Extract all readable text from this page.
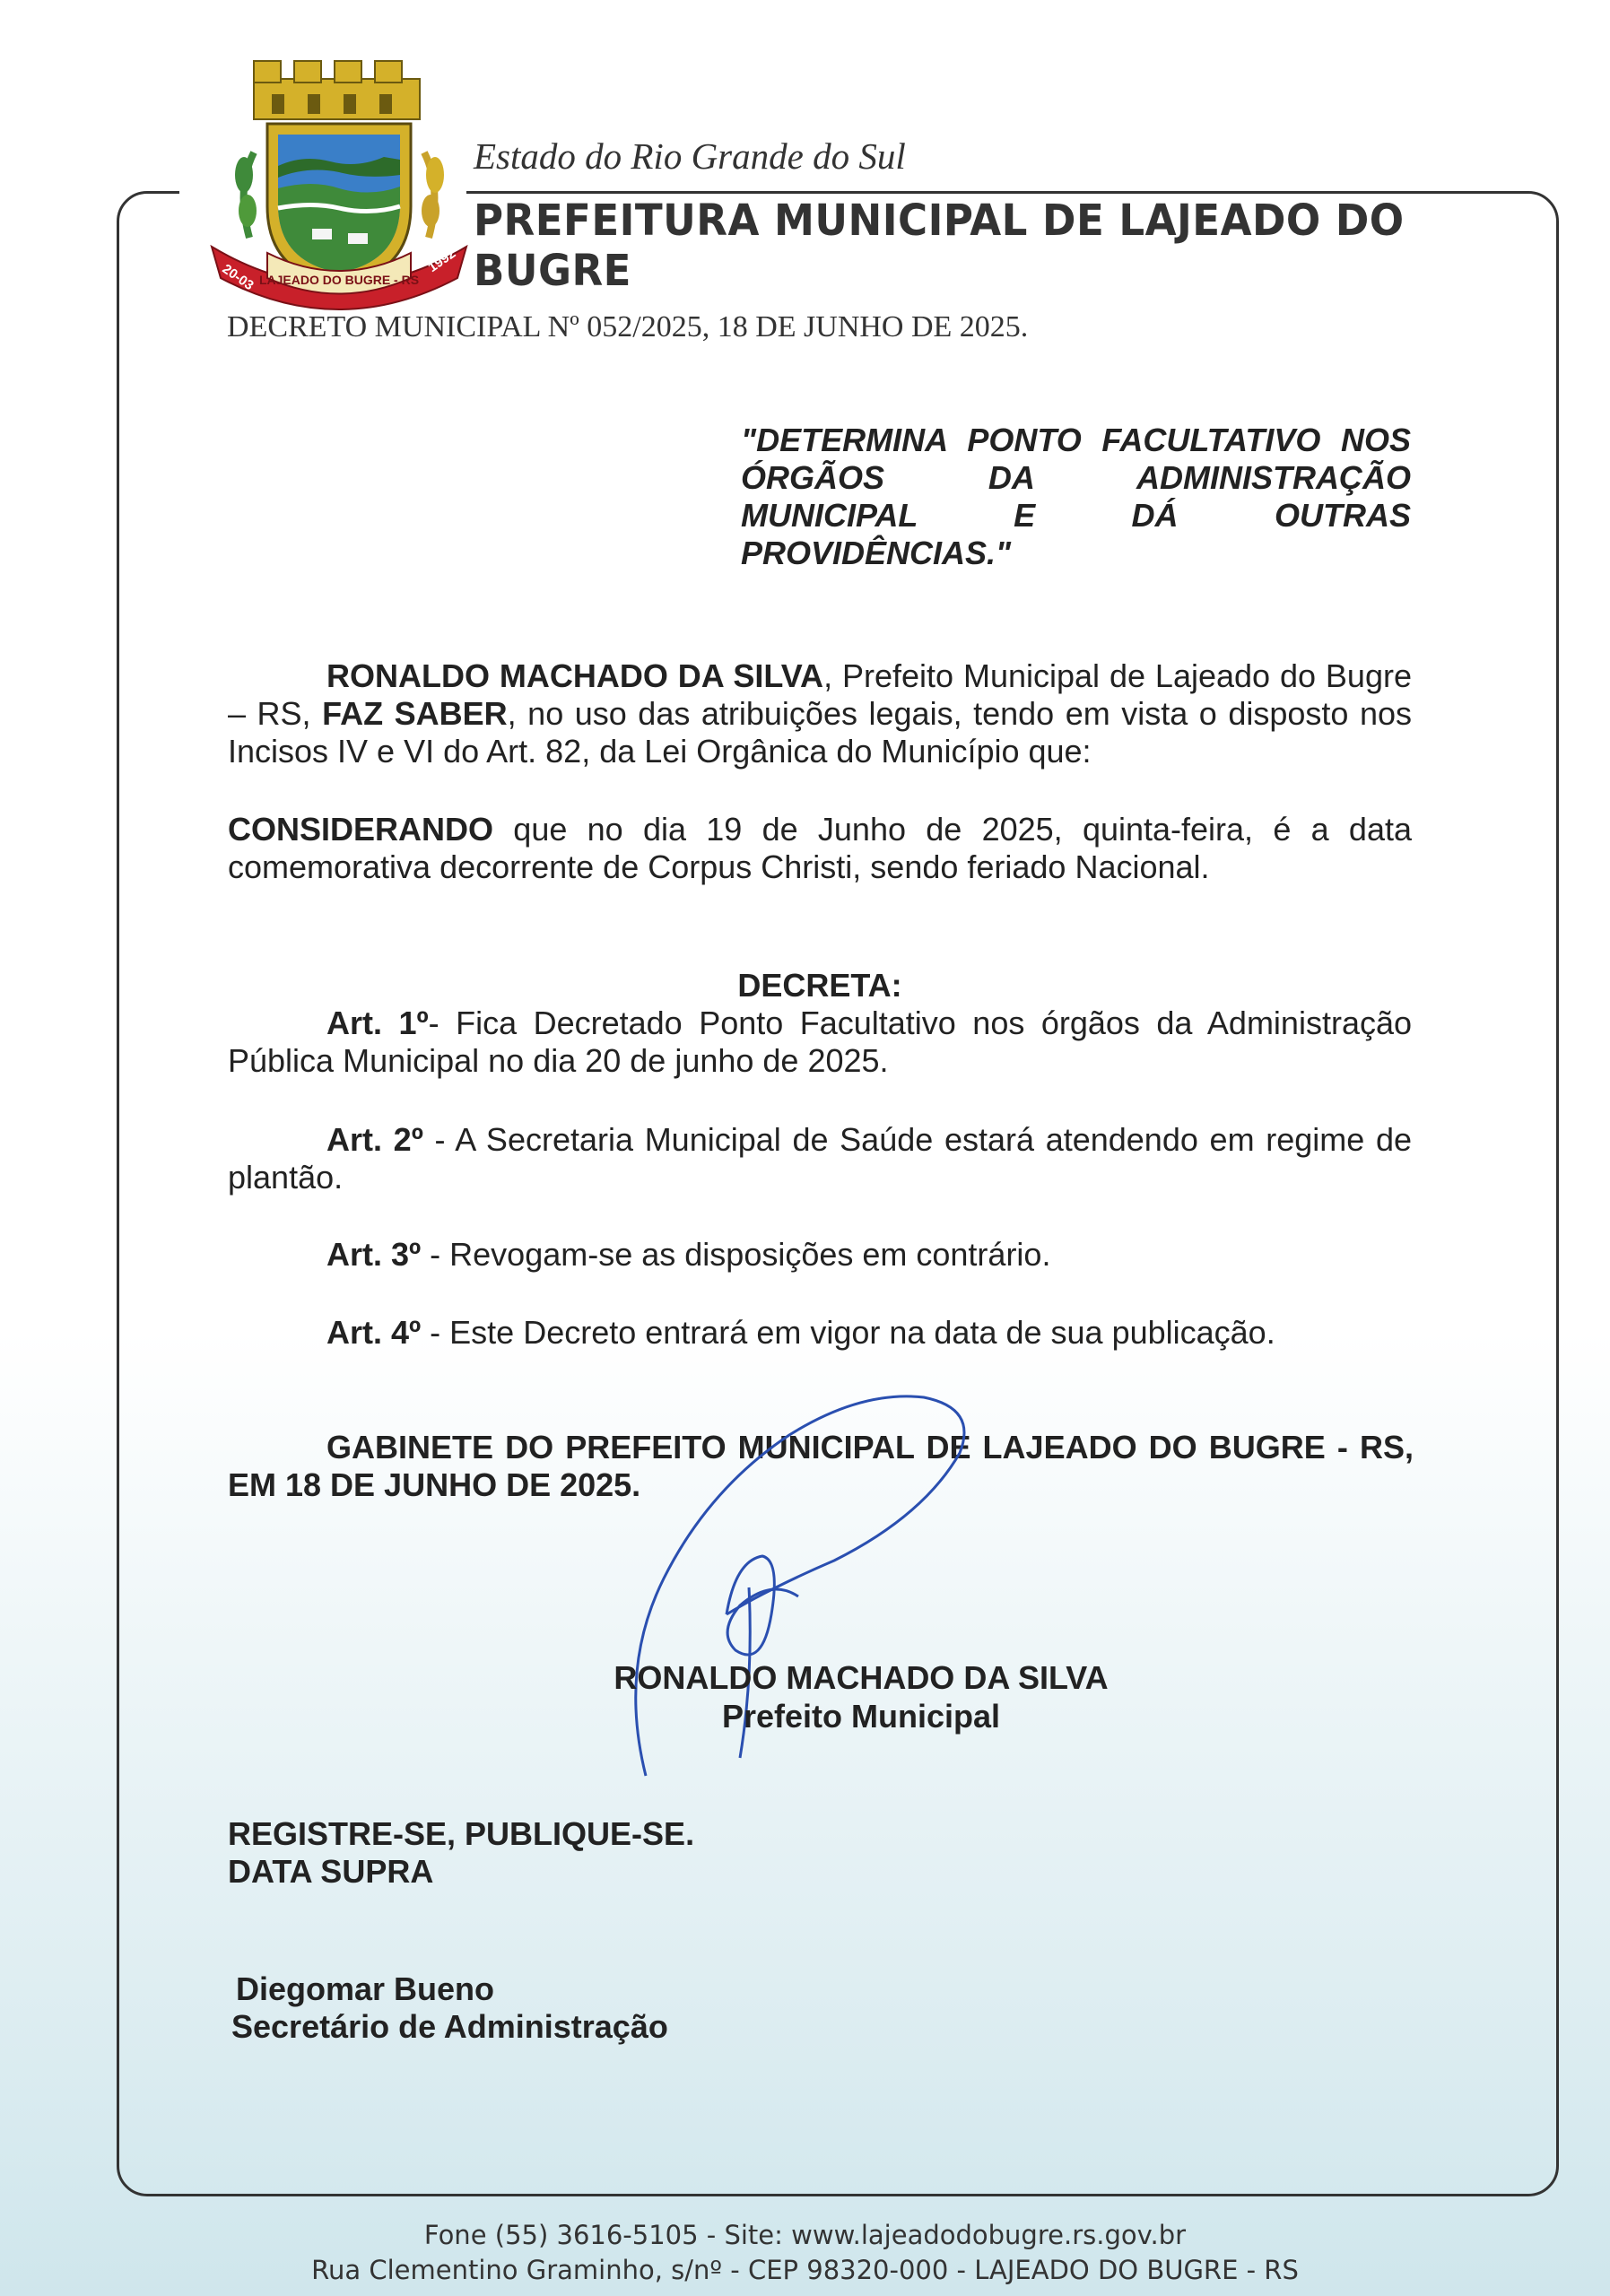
20-03 LAJEADO DO BUGRE - RS
1992
Estado do Rio Grande do Sul
PREFEITURA MUNICIPAL DE LAJEADO DO BUGRE
DECRETO MUNICIPAL Nº 052/2025, 18 DE JUNHO DE 2025.
"DETERMINA PONTO FACULTATIVO NOS
ÓRGÃOS DA ADMINISTRAÇÃO
MUNICIPAL E DÁ OUTRAS
PROVIDÊNCIAS."
RONALDO MACHADO DA SILVA, Prefeito Municipal de Lajeado do Bugre – RS, FAZ SABER, no uso das atribuições legais, tendo em vista o disposto nos Incisos IV e VI do Art. 82, da Lei Orgânica do Município que:
CONSIDERANDO que no dia 19 de Junho de 2025, quinta-feira, é a data comemorativa decorrente de Corpus Christi, sendo feriado Nacional.
DECRETA:
Art. 1º- Fica Decretado Ponto Facultativo nos órgãos da Administração Pública Municipal no dia 20 de junho de 2025.
Art. 2º - A Secretaria Municipal de Saúde estará atendendo em regime de plantão.
Art. 3º - Revogam-se as disposições em contrário.
Art. 4º - Este Decreto entrará em vigor na data de sua publicação.
GABINETE DO PREFEITO MUNICIPAL DE LAJEADO DO BUGRE - RS, EM 18 DE JUNHO DE 2025.
RONALDO MACHADO DA SILVA
Prefeito Municipal
REGISTRE-SE, PUBLIQUE-SE.
DATA SUPRA
Diegomar Bueno
Secretário de Administração
Fone (55) 3616-5105 - Site: www.lajeadodobugre.rs.gov.br
Rua Clementino Graminho, s/nº - CEP 98320-000 - LAJEADO DO BUGRE - RS
